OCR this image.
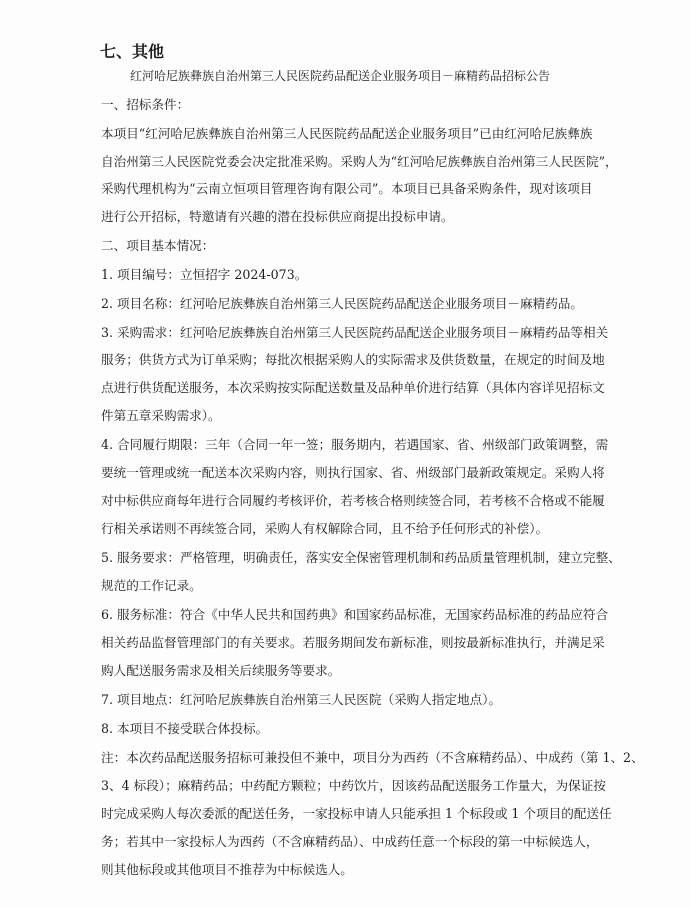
七、其他
红河哈尼族彝族自治州第三人民医院药品配送企业服务项目－麻精药品招标公告
一、招标条件：
本项目“红河哈尼族彝族自治州第三人民医院药品配送企业服务项目”已由红河哈尼族彝族
自治州第三人民医院党委会决定批准采购。采购人为“红河哈尼族彝族自治州第三人民医院”，
采购代理机构为“云南立恒项目管理咨询有限公司”。本项目已具备采购条件，现对该项目
进行公开招标，特邀请有兴趣的潜在投标供应商提出投标申请。
二、项目基本情况：
1. 项目编号：立恒招字 2024-073。
2. 项目名称：红河哈尼族彝族自治州第三人民医院药品配送企业服务项目－麻精药品。
3. 采购需求：红河哈尼族彝族自治州第三人民医院药品配送企业服务项目－麻精药品等相关
服务；供货方式为订单采购；每批次根据采购人的实际需求及供货数量，在规定的时间及地
点进行供货配送服务，本次采购按实际配送数量及品种单价进行结算（具体内容详见招标文
件第五章采购需求）。
4. 合同履行期限：三年（合同一年一签；服务期内，若遇国家、省、州级部门政策调整，需
要统一管理或统一配送本次采购内容，则执行国家、省、州级部门最新政策规定。采购人将
对中标供应商每年进行合同履约考核评价，若考核合格则续签合同，若考核不合格或不能履
行相关承诺则不再续签合同，采购人有权解除合同，且不给予任何形式的补偿）。
5. 服务要求：严格管理，明确责任，落实安全保密管理机制和药品质量管理机制，建立完整、
规范的工作记录。
6. 服务标准：符合《中华人民共和国药典》和国家药品标准，无国家药品标准的药品应符合
相关药品监督管理部门的有关要求。若服务期间发布新标准，则按最新标准执行，并满足采
购人配送服务需求及相关后续服务等要求。
7. 项目地点：红河哈尼族彝族自治州第三人民医院（采购人指定地点）。
8. 本项目不接受联合体投标。
注：本次药品配送服务招标可兼投但不兼中，项目分为西药（不含麻精药品）、中成药（第 1、2、
3、4 标段）；麻精药品；中药配方颗粒；中药饮片，因该药品配送服务工作量大，为保证按
时完成采购人每次委派的配送任务，一家投标申请人只能承担 1 个标段或 1 个项目的配送任
务；若其中一家投标人为西药（不含麻精药品）、中成药任意一个标段的第一中标候选人，
则其他标段或其他项目不推荐为中标候选人。
